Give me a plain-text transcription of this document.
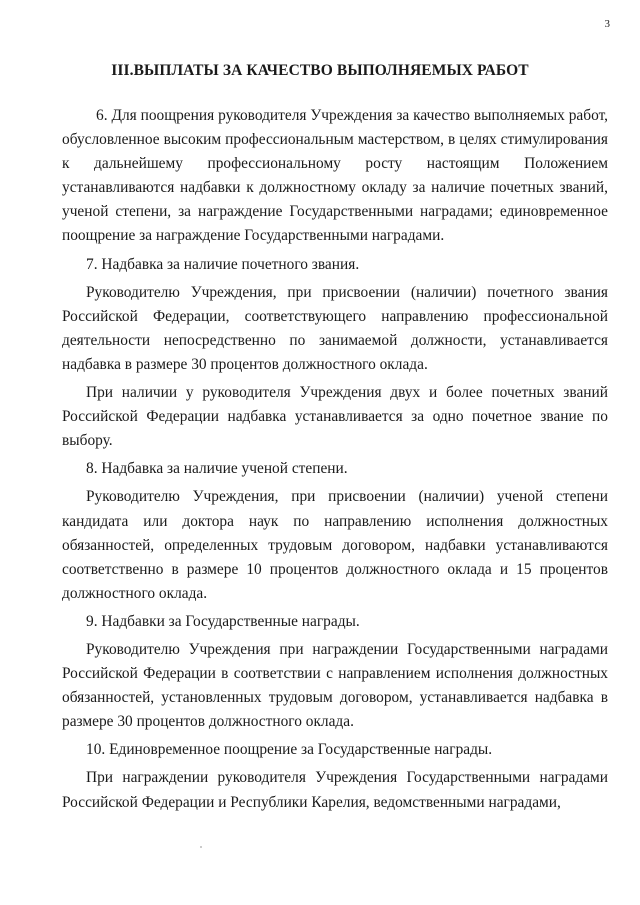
3
III.ВЫПЛАТЫ ЗА КАЧЕСТВО ВЫПОЛНЯЕМЫХ РАБОТ

6. Для поощрения руководителя Учреждения за качество выполняемых работ, обусловленное высоким профессиональным мастерством, в целях стимулирования к дальнейшему профессиональному росту настоящим Положением устанавливаются надбавки к должностному окладу за наличие почетных званий, ученой степени, за награждение Государственными наградами; единовременное поощрение за награждение Государственными наградами.

7. Надбавка за наличие почетного звания.

Руководителю Учреждения, при присвоении (наличии) почетного звания Российской Федерации, соответствующего направлению профессиональной деятельности непосредственно по занимаемой должности, устанавливается надбавка в размере 30 процентов должностного оклада.

При наличии у руководителя Учреждения двух и более почетных званий Российской Федерации надбавка устанавливается за одно почетное звание по выбору.

8. Надбавка за наличие ученой степени.

Руководителю Учреждения, при присвоении (наличии) ученой степени кандидата или доктора наук по направлению исполнения должностных обязанностей, определенных трудовым договором, надбавки устанавливаются соответственно в размере 10 процентов должностного оклада и 15 процентов должностного оклада.

9. Надбавки за Государственные награды.

Руководителю Учреждения при награждении Государственными наградами Российской Федерации в соответствии с направлением исполнения должностных обязанностей, установленных трудовым договором, устанавливается надбавка в размере 30 процентов должностного оклада.

10. Единовременное поощрение за Государственные награды.

При награждении руководителя Учреждения Государственными наградами Российской Федерации и Республики Карелия, ведомственными наградами,
